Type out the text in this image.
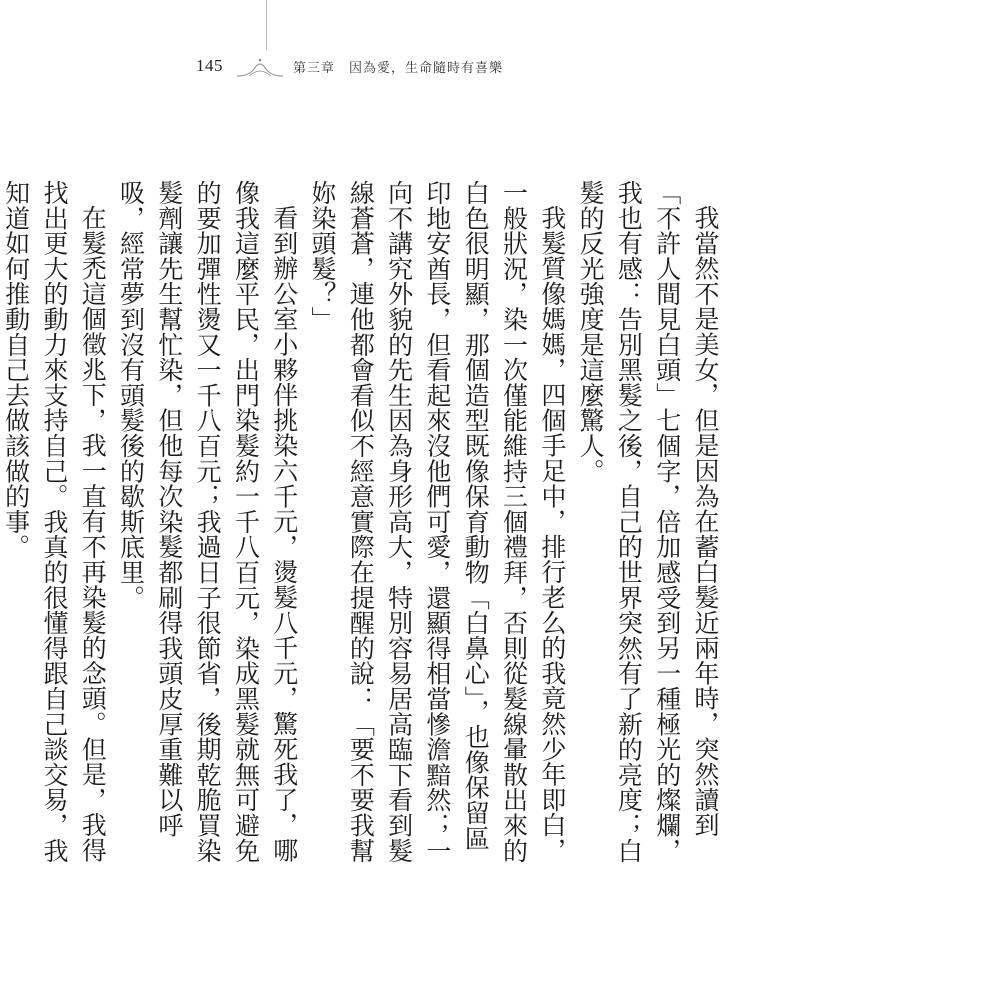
145	第三章　因為愛，生命隨時有喜樂

我當然不是美女，但是因為在蓄白髮近兩年時，突然讀到「不許人間見白頭」七個字，倍加感受到另一種極光的燦爛，我也有感：告別黑髮之後，自己的世界突然有了新的亮度；白髮的反光強度是這麼驚人。

我髮質像媽媽，四個手足中，排行老么的我竟然少年即白，一般狀況，染一次僅能維持三個禮拜，否則從髮線暈散出來的白色很明顯，那個造型既像保育動物「白鼻心」，也像保留區印地安酋長，但看起來沒他們可愛，還顯得相當慘澹黯然；一向不講究外貌的先生因為身形高大，特別容易居高臨下看到髮線蒼蒼，連他都會看似不經意實際在提醒的說：「要不要我幫妳染頭髮？」

看到辦公室小夥伴挑染六千元，燙髮八千元，驚死我了，哪像我這麼平民，出門染髮約一千八百元，染成黑髮就無可避免的要加彈性燙又一千八百元；我過日子很節省，後期乾脆買染髮劑讓先生幫忙染，但他每次染髮都刷得我頭皮厚重難以呼吸，經常夢到沒有頭髮後的歇斯底里。

在髮禿這個徵兆下，我一直有不再染髮的念頭。但是，我得找出更大的動力來支持自己。我真的很懂得跟自己談交易，我知道如何推動自己去做該做的事。
